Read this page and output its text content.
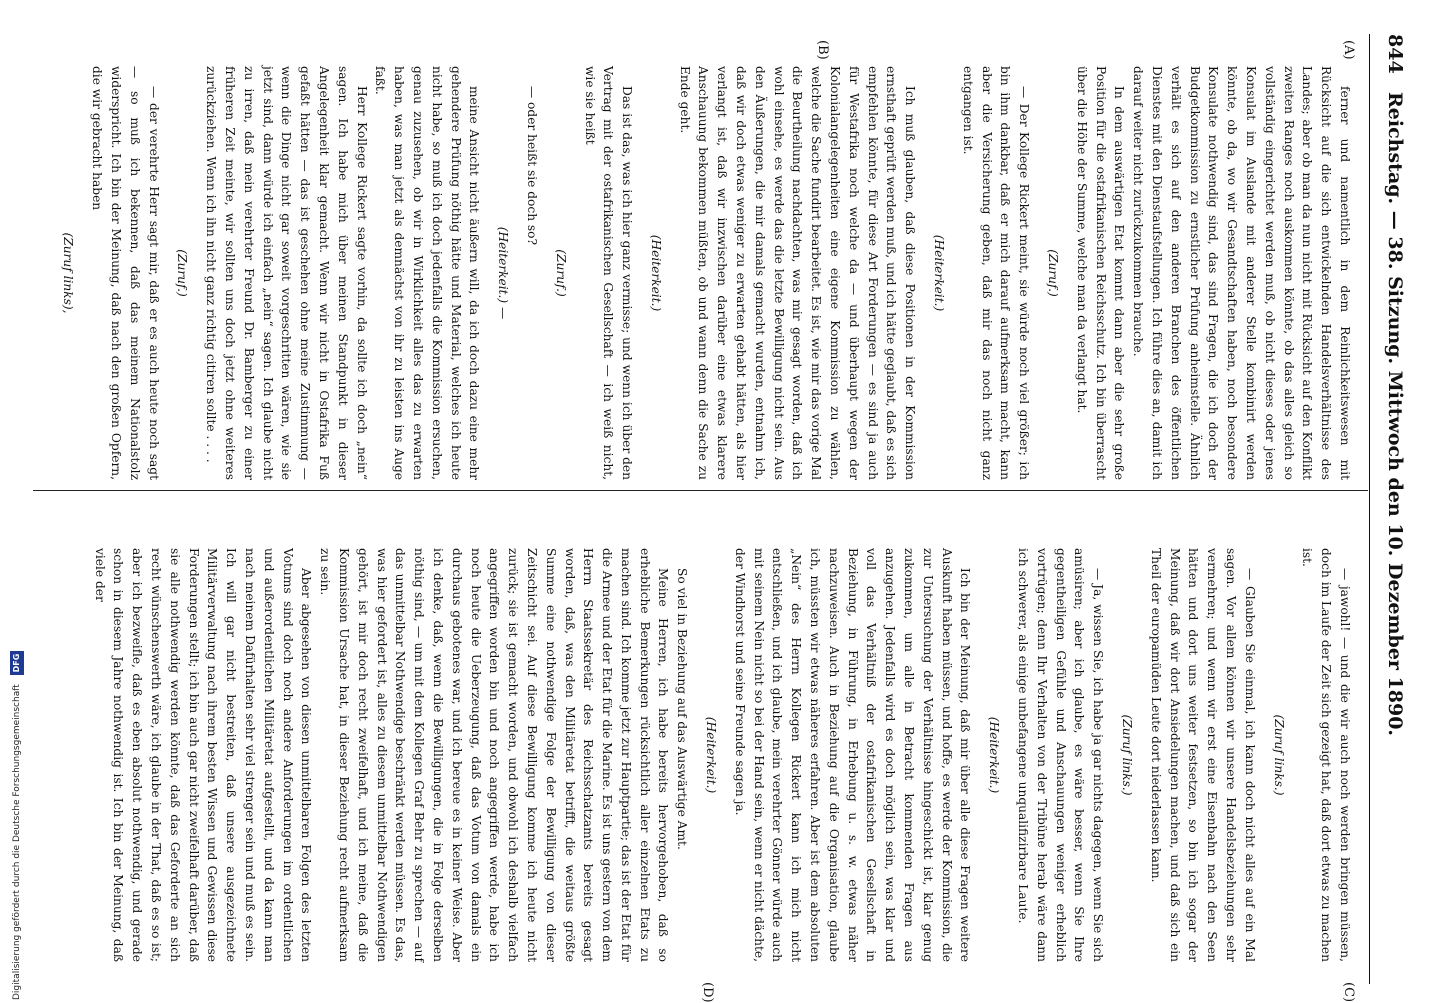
844
Reichstag. — 38. Sitzung. Mittwoch den 10. Dezember 1890.
(A)
(B)
(C)
(D)

ferner und namentlich in dem Reinlichkeitswesen mit Rücksicht auf die sich entwickelnden Handelsverhältnisse des Landes; aber ob man da nun nicht mit Rücksicht auf den Konflikt zweiten Ranges noch auskommen könnte, ob das alles gleich so vollständig eingerichtet werden muß, ob nicht dieses oder jenes Konsulat im Auslande mit anderer Stelle kombinirt werden könnte, ob da, wo wir Gesandtschaften haben, noch besondere Konsulate nothwendig sind, das sind Fragen, die ich doch der Budgetkommission zu ernstlicher Prüfung anheimstelle. Ähnlich verhält es sich auf den anderen Branchen des öffentlichen Dienstes mit den Dienstaufstellungen. Ich führe dies an, damit ich darauf weiter nicht zurückzukommen brauche.

In dem auswärtigen Etat kommt dann aber die sehr große Position für die ostafrikanischen Reichsschutz. Ich bin überrascht über die Höhe der Summe, welche man da verlangt hat.

(Zuruf.)

— Der Kollege Rickert meint, sie würde noch viel größer; ich bin ihm dankbar, daß er mich darauf aufmerksam macht, kann aber die Versicherung geben, daß mir das noch nicht ganz entgangen ist.

(Heiterkeit.)

Ich muß glauben, daß diese Positionen in der Kommission ernsthaft geprüft werden muß, und ich hätte geglaubt, daß es sich empfehlen könnte, für diese Art Forderungen — es sind ja auch für Westafrika noch welche da — und überhaupt wegen der Kolonialangelegenheiten eine eigene Kommission zu wählen, welche die Sache fundirt bearbeitet. Es ist, wie mir das vorige Mal die Beurtheilung nachdachten, was mir gesagt worden, daß ich wohl einsehe, es werde das die letzte Bewilligung nicht sein. Aus den Äußerungen, die mir damals gemacht wurden, entnahm ich, daß wir doch etwas weniger zu erwarten gehabt hätten, als hier verlangt ist, daß wir inzwischen darüber eine etwas klarere Anschauung bekommen müßten, ob und wann denn die Sache zu Ende geht.

(Heiterkeit.)

Das ist das, was ich hier ganz vermisse; und wenn ich über den Vertrag mit der ostafrikanischen Gesellschaft — ich weiß nicht, wie sie heißt

(Zuruf.)

— oder heißt sie doch so?

(Heiterkeit.) —

meine Ansicht nicht äußern will, da ich doch dazu eine mehr gehendere Prüfung nöthig hätte und Material, welches ich heute nicht habe, so muß ich doch jedenfalls die Kommission ersuchen, genau zuzusehen, ob wir in Wirklichkeit alles das zu erwarten haben, was man jetzt als demnächst von ihr zu leisten ins Auge faßt.

Herr Kollege Rickert sagte vorhin, da sollte ich doch „nein“ sagen. Ich habe mich über meinen Standpunkt in dieser Angelegenheit klar gemacht. Wenn wir nicht in Ostafrika Fuß gefaßt hätten — das ist geschehen ohne meine Zustimmung — wenn die Dinge nicht gar soweit vorgeschritten wären, wie sie jetzt sind, dann würde ich einfach „nein“ sagen. Ich glaube nicht zu irren, daß mein verehrter Freund Dr. Bamberger zu einer früheren Zeit meinte, wir sollten uns doch jetzt ohne weiteres zurückziehen. Wenn ich ihn nicht ganz richtig citiren sollte . . . .

(Zuruf.)

— der verehrte Herr sagt mir, daß er es auch heute noch sagt — so muß ich bekennen, daß das meinem Nationalstolz widerspricht. Ich bin der Meinung, daß nach den großen Opfern, die wir gebracht haben

(Zuruf links),

— jawohl! — und die wir auch noch werden bringen müssen, doch im Laufe der Zeit sich gezeigt hat, daß dort etwas zu machen ist.

(Zuruf links.)

— Glauben Sie einmal, ich kann doch nicht alles auf ein Mal sagen. Vor allem können wir unsere Handelsbeziehungen sehr vermehren; und wenn wir erst eine Eisenbahn nach den Seen hätten und dort uns weiter festsetzen, so bin ich sogar der Meinung, daß wir dort Ansiedelungen machen, und daß sich ein Theil der europamüden Leute dort niederlassen kann.

(Zuruf links.)

— Ja, wissen Sie, ich habe ja gar nichts dagegen, wenn Sie sich amüsiren; aber ich glaube, es wäre besser, wenn Sie Ihre gegentheiligen Gefühle und Anschauungen weniger erheblich vortrügen; denn Ihr Verhalten von der Tribüne herab wäre dann ich schwerer, als einige unbefangene unqualifizirbare Laute.

(Heiterkeit.)

Ich bin der Meinung, daß mir über alle diese Fragen weitere Auskunft haben müssen, und hoffe, es werde der Kommission, die zur Untersuchung der Verhältnisse hingeschickt ist, klar genug zukommen, um alle in Betracht kommenden Fragen aus anzugehen. Jedenfalls wird es doch möglich sein, was klar und voll das Verhältniß der ostafrikanischen Gesellschaft in Beziehung, in Führung, in Erhebung u. s. w. etwas näher nachzuweisen. Auch in Beziehung auf die Organisation, glaube ich, müssten wir etwas näheres erfahren. Aber ist dem absoluten „Nein“ des Herrn Kollegen Rickert kann ich mich nicht entschließen, und ich glaube, mein verehrter Gönner würde auch mit seinem Nein nicht so bei der Hand sein, wenn er nicht dächte, der Windhorst und seine Freunde sagen ja.

(Heiterkeit.)

So viel in Beziehung auf das Auswärtige Amt.

Meine Herren, ich habe bereits hervorgehoben, daß so erhebliche Bemerkungen rücksichtlich aller einzelnen Etats zu machen sind. Ich komme jetzt zur Hauptpartie; das ist der Etat für die Armee und der Etat für die Marine. Es ist uns gestern von dem Herrn Staatssekretär des Reichsschatzamts bereits gesagt worden, daß, was den Militäretat betrifft, die weitaus größte Summe eine nothwendige Folge der Bewilligung von dieser Zeitschicht sei. Auf diese Bewilligung komme ich heute nicht zurück; sie ist gemacht worden, und obwohl ich deshalb vielfach angegriffen worden bin und noch angegriffen werde, habe ich noch heute die Ueberzeugung, daß das Votum von damals ein durchaus gebotenes war, und ich bereue es in keiner Weise. Aber ich denke, daß, wenn die Bewilligungen, die in Folge derselben nöthig sind, — um mit dem Kollegen Graf Behr zu sprechen — auf das unmittelbar Nothwendige beschränkt werden müssen. Es das, was hier gefordert ist, alles zu diesem unmittelbar Nothwendigen gehört, ist mir doch recht zweifelhaft, und ich meine, daß die Kommission Ursache hat, in dieser Beziehung recht aufmerksam zu sein.

Aber abgesehen von diesen unmittelbaren Folgen des letzten Votums sind doch noch andere Anforderungen im ordentlichen und außerordentlichen Militäretat aufgestellt, und da kann man nach meinem Dafürhalten sehr viel strenger sein und muß es sein. Ich will gar nicht bestreiten, daß unsere ausgezeichnete Militärverwaltung nach ihrem besten Wissen und Gewissen diese Forderungen stellt; ich bin auch gar nicht zweifelhaft darüber, daß sie alle nothwendig werden könnte, daß das Geforderte an sich recht wünschenswerth wäre, ich glaube in der That, daß es so ist; aber ich bezweifle, daß es eben absolut nothwendig, und gerade schon in diesem Jahre nothwendig ist. Ich bin der Meinung, daß viele der

Digitalisierung gefördert durch die Deutsche Forschungsgemeinschaft DFG
